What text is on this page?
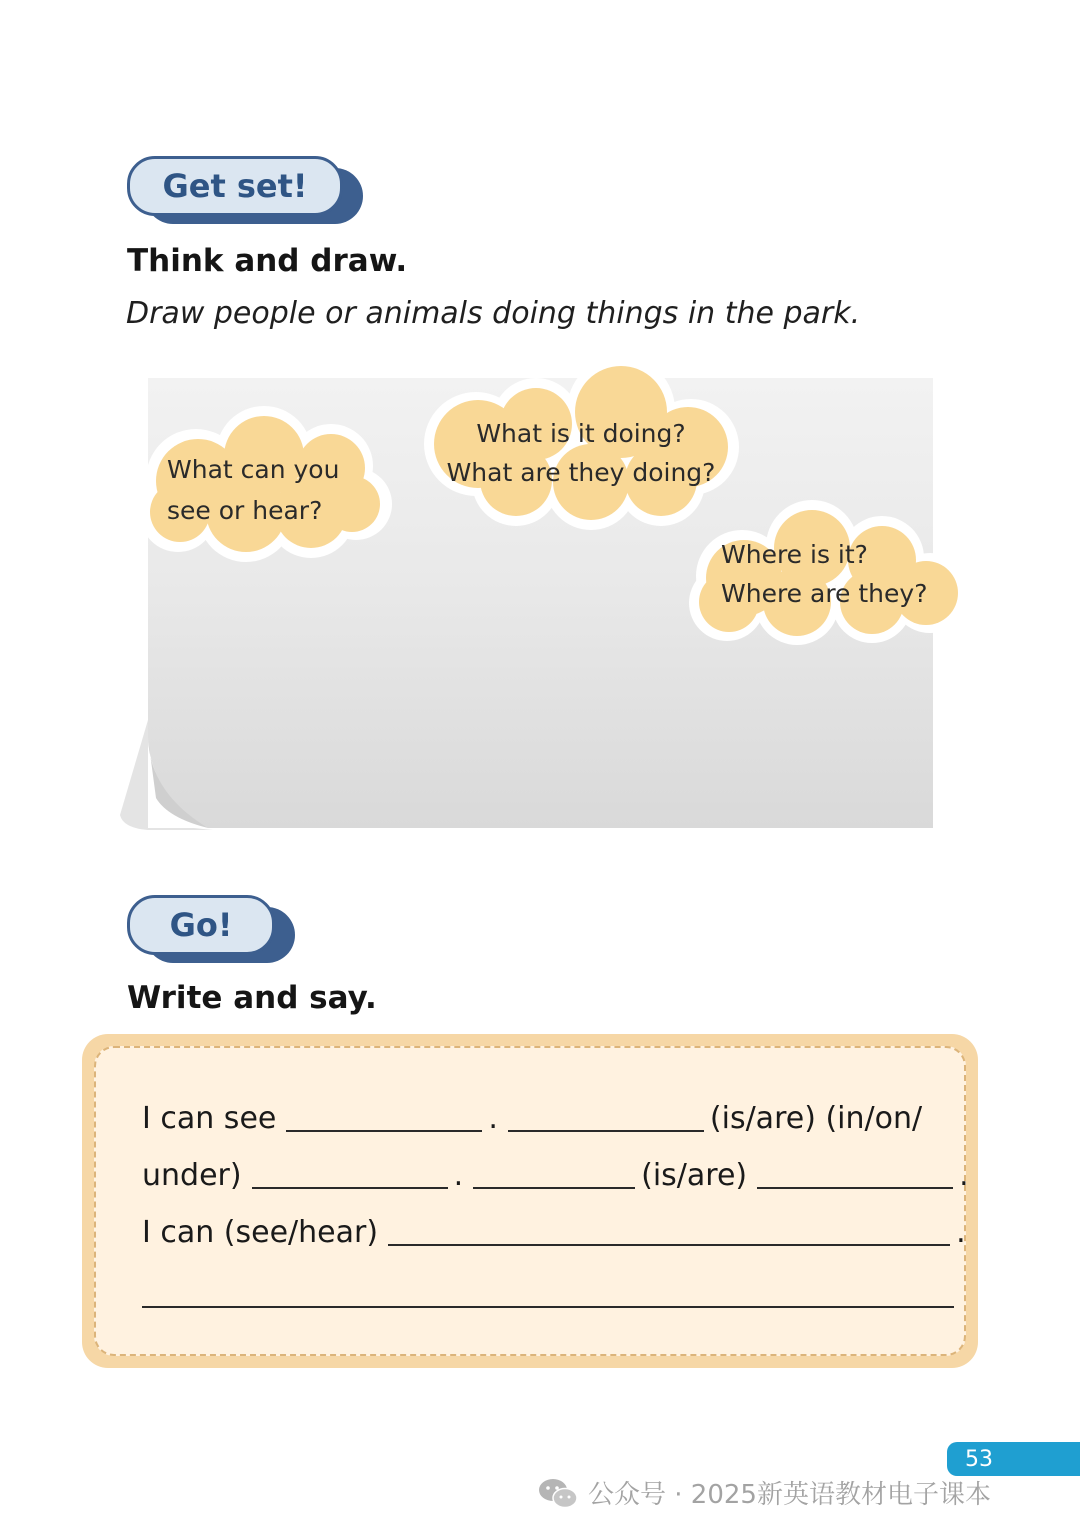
Get set!
Think and draw.
Draw people or animals doing things in the park.
What can you
see or hear?
What is it doing?
What are they doing?
Where is it?
Where are they?
Go!
Write and say.
I can see	.	(is/are) (in/on/
under)	.	(is/are)	.
I can (see/hear)	.
53
公众号 · 2025新英语教材电子课本
